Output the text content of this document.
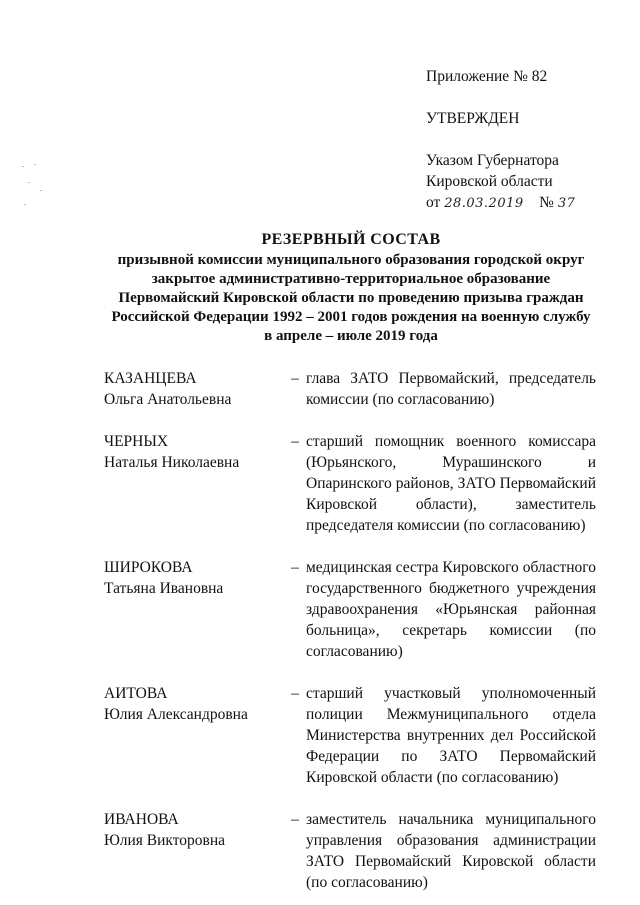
Приложение № 82
УТВЕРЖДЕН
Указом Губернатора
Кировской области
от 28.03.2019 № 37
РЕЗЕРВНЫЙ СОСТАВ
призывной комиссии муниципального образования городской округ
закрытое административно-территориальное образование
Первомайский Кировской области по проведению призыва граждан
Российской Федерации 1992 – 2001 годов рождения на военную службу
в апреле – июле 2019 года
КАЗАНЦЕВА
Ольга Анатольевна
– глава ЗАТО Первомайский, председатель комиссии (по согласованию)
ЧЕРНЫХ
Наталья Николаевна
– старший помощник военного комиссара (Юрьянского, Мурашинского и Опаринского районов, ЗАТО Первомайский Кировской области), заместитель председателя комиссии (по согласованию)
ШИРОКОВА
Татьяна Ивановна
– медицинская сестра Кировского областного государственного бюджетного учреждения здравоохранения «Юрьянская районная больница», секретарь комиссии (по согласованию)
АИТОВА
Юлия Александровна
– старший участковый уполномоченный полиции Межмуниципального отдела Министерства внутренних дел Российской Федерации по ЗАТО Первомайский Кировской области (по согласованию)
ИВАНОВА
Юлия Викторовна
– заместитель начальника муниципального управления образования администрации ЗАТО Первомайский Кировской области (по согласованию)
